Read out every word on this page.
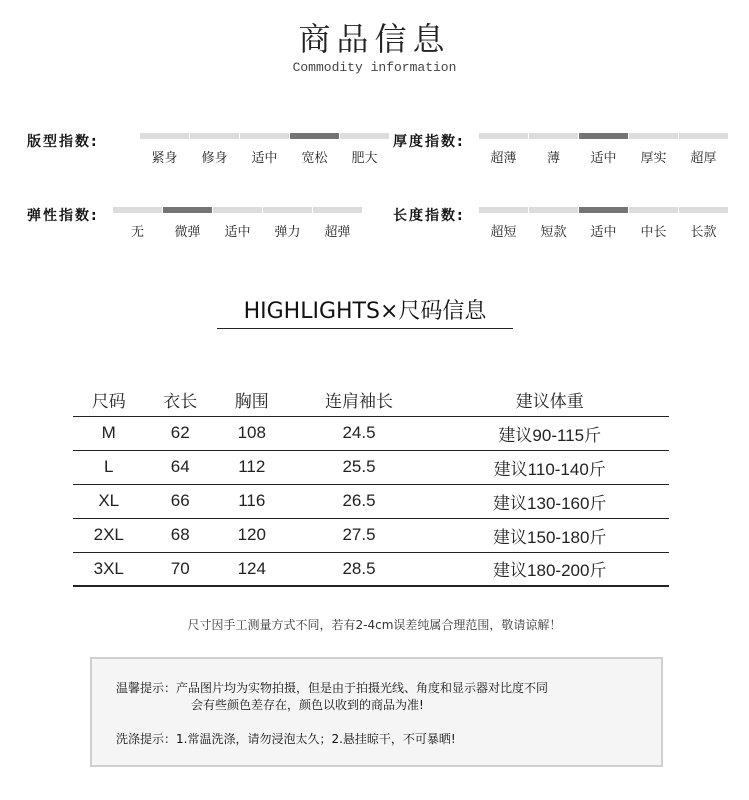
商品信息
Commodity information
版型指数:
紧身	修身	适中	宽松	肥大
厚度指数:
超薄	薄	适中	厚实	超厚
弹性指数:
无	微弹	适中	弹力	超弹
长度指数:
超短	短款	适中	中长	长款
HIGHLIGHTS×尺码信息
尺码	衣长	胸围	连肩袖长	建议体重
M	62	108	24.5	建议90-115斤
L	64	112	25.5	建议110-140斤
XL	66	116	26.5	建议130-160斤
2XL	68	120	27.5	建议150-180斤
3XL	70	124	28.5	建议180-200斤
尺寸因手工测量方式不同，若有2-4cm误差纯属合理范围，敬请谅解！
温馨提示：产品图片均为实物拍摄，但是由于拍摄光线、角度和显示器对比度不同
会有些颜色差存在，颜色以收到的商品为准!
洗涤提示：1.常温洗涤，请勿浸泡太久；2.悬挂晾干，不可暴晒!
